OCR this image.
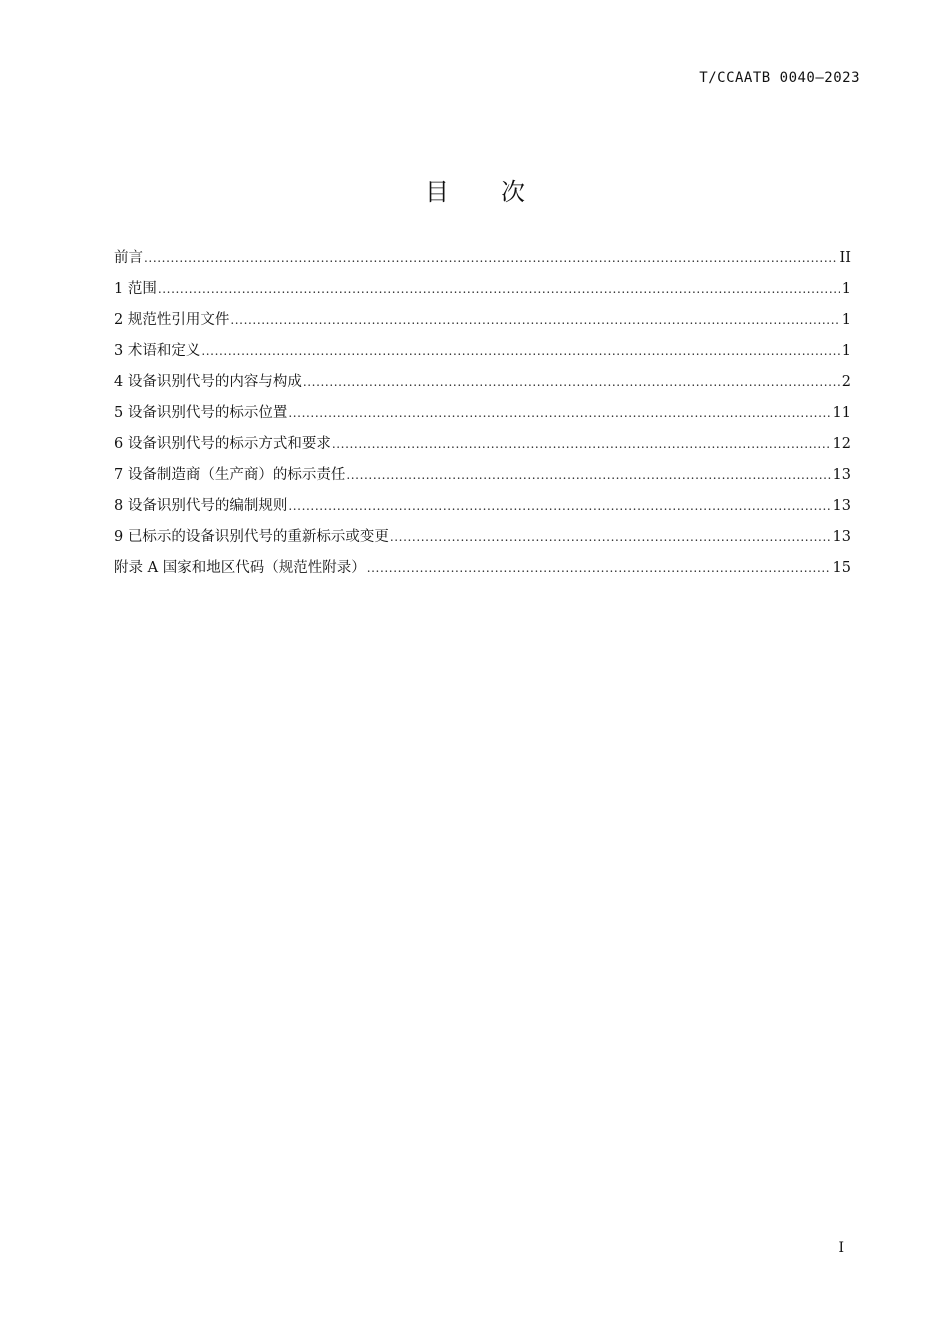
T/CCAATB 0040—2023
目次
前言 .....	II
1 范围 .....	1
2 规范性引用文件 .....	1
3 术语和定义 .....	1
4 设备识别代号的内容与构成 .....	2
5 设备识别代号的标示位置 .....	11
6 设备识别代号的标示方式和要求 .....	12
7 设备制造商（生产商）的标示责任 .....	13
8 设备识别代号的编制规则 .....	13
9 已标示的设备识别代号的重新标示或变更 .....	13
附录 A 国家和地区代码（规范性附录） .....	15
I
